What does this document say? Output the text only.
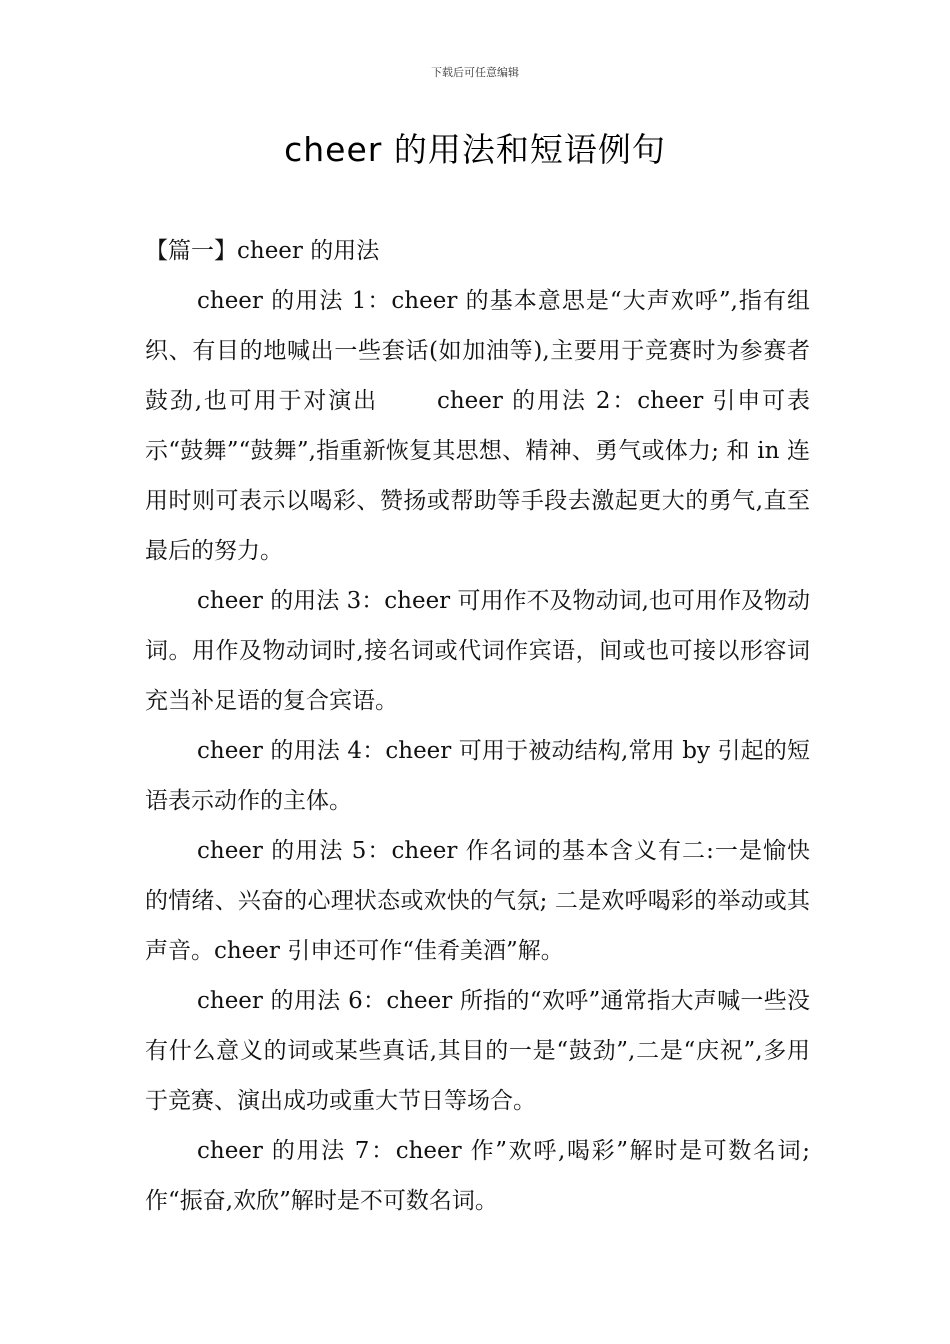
下载后可任意编辑
cheer 的用法和短语例句

【篇一】cheer 的用法

cheer 的用法 1：cheer 的基本意思是“大声欢呼”,指有组织、有目的地喊出一些套话(如加油等),主要用于竞赛时为参赛者鼓劲,也可用于对演出　　 cheer 的用法 2：cheer 引申可表示“鼓舞”“鼓舞”,指重新恢复其思想、精神、勇气或体力; 和 in 连用时则可表示以喝彩、赞扬或帮助等手段去激起更大的勇气,直至最后的努力。

cheer 的用法 3：cheer 可用作不及物动词,也可用作及物动词。用作及物动词时,接名词或代词作宾语，间或也可接以形容词充当补足语的复合宾语。

cheer 的用法 4：cheer 可用于被动结构,常用 by 引起的短语表示动作的主体。

cheer 的用法 5：cheer 作名词的基本含义有二:一是愉快的情绪、兴奋的心理状态或欢快的气氛; 二是欢呼喝彩的举动或其声音。cheer 引申还可作“佳肴美酒”解。

cheer 的用法 6：cheer 所指的“欢呼”通常指大声喊一些没有什么意义的词或某些真话,其目的一是“鼓劲”,二是“庆祝”,多用于竞赛、演出成功或重大节日等场合。

cheer 的用法 7：cheer 作”欢呼,喝彩”解时是可数名词; 作“振奋,欢欣”解时是不可数名词。
